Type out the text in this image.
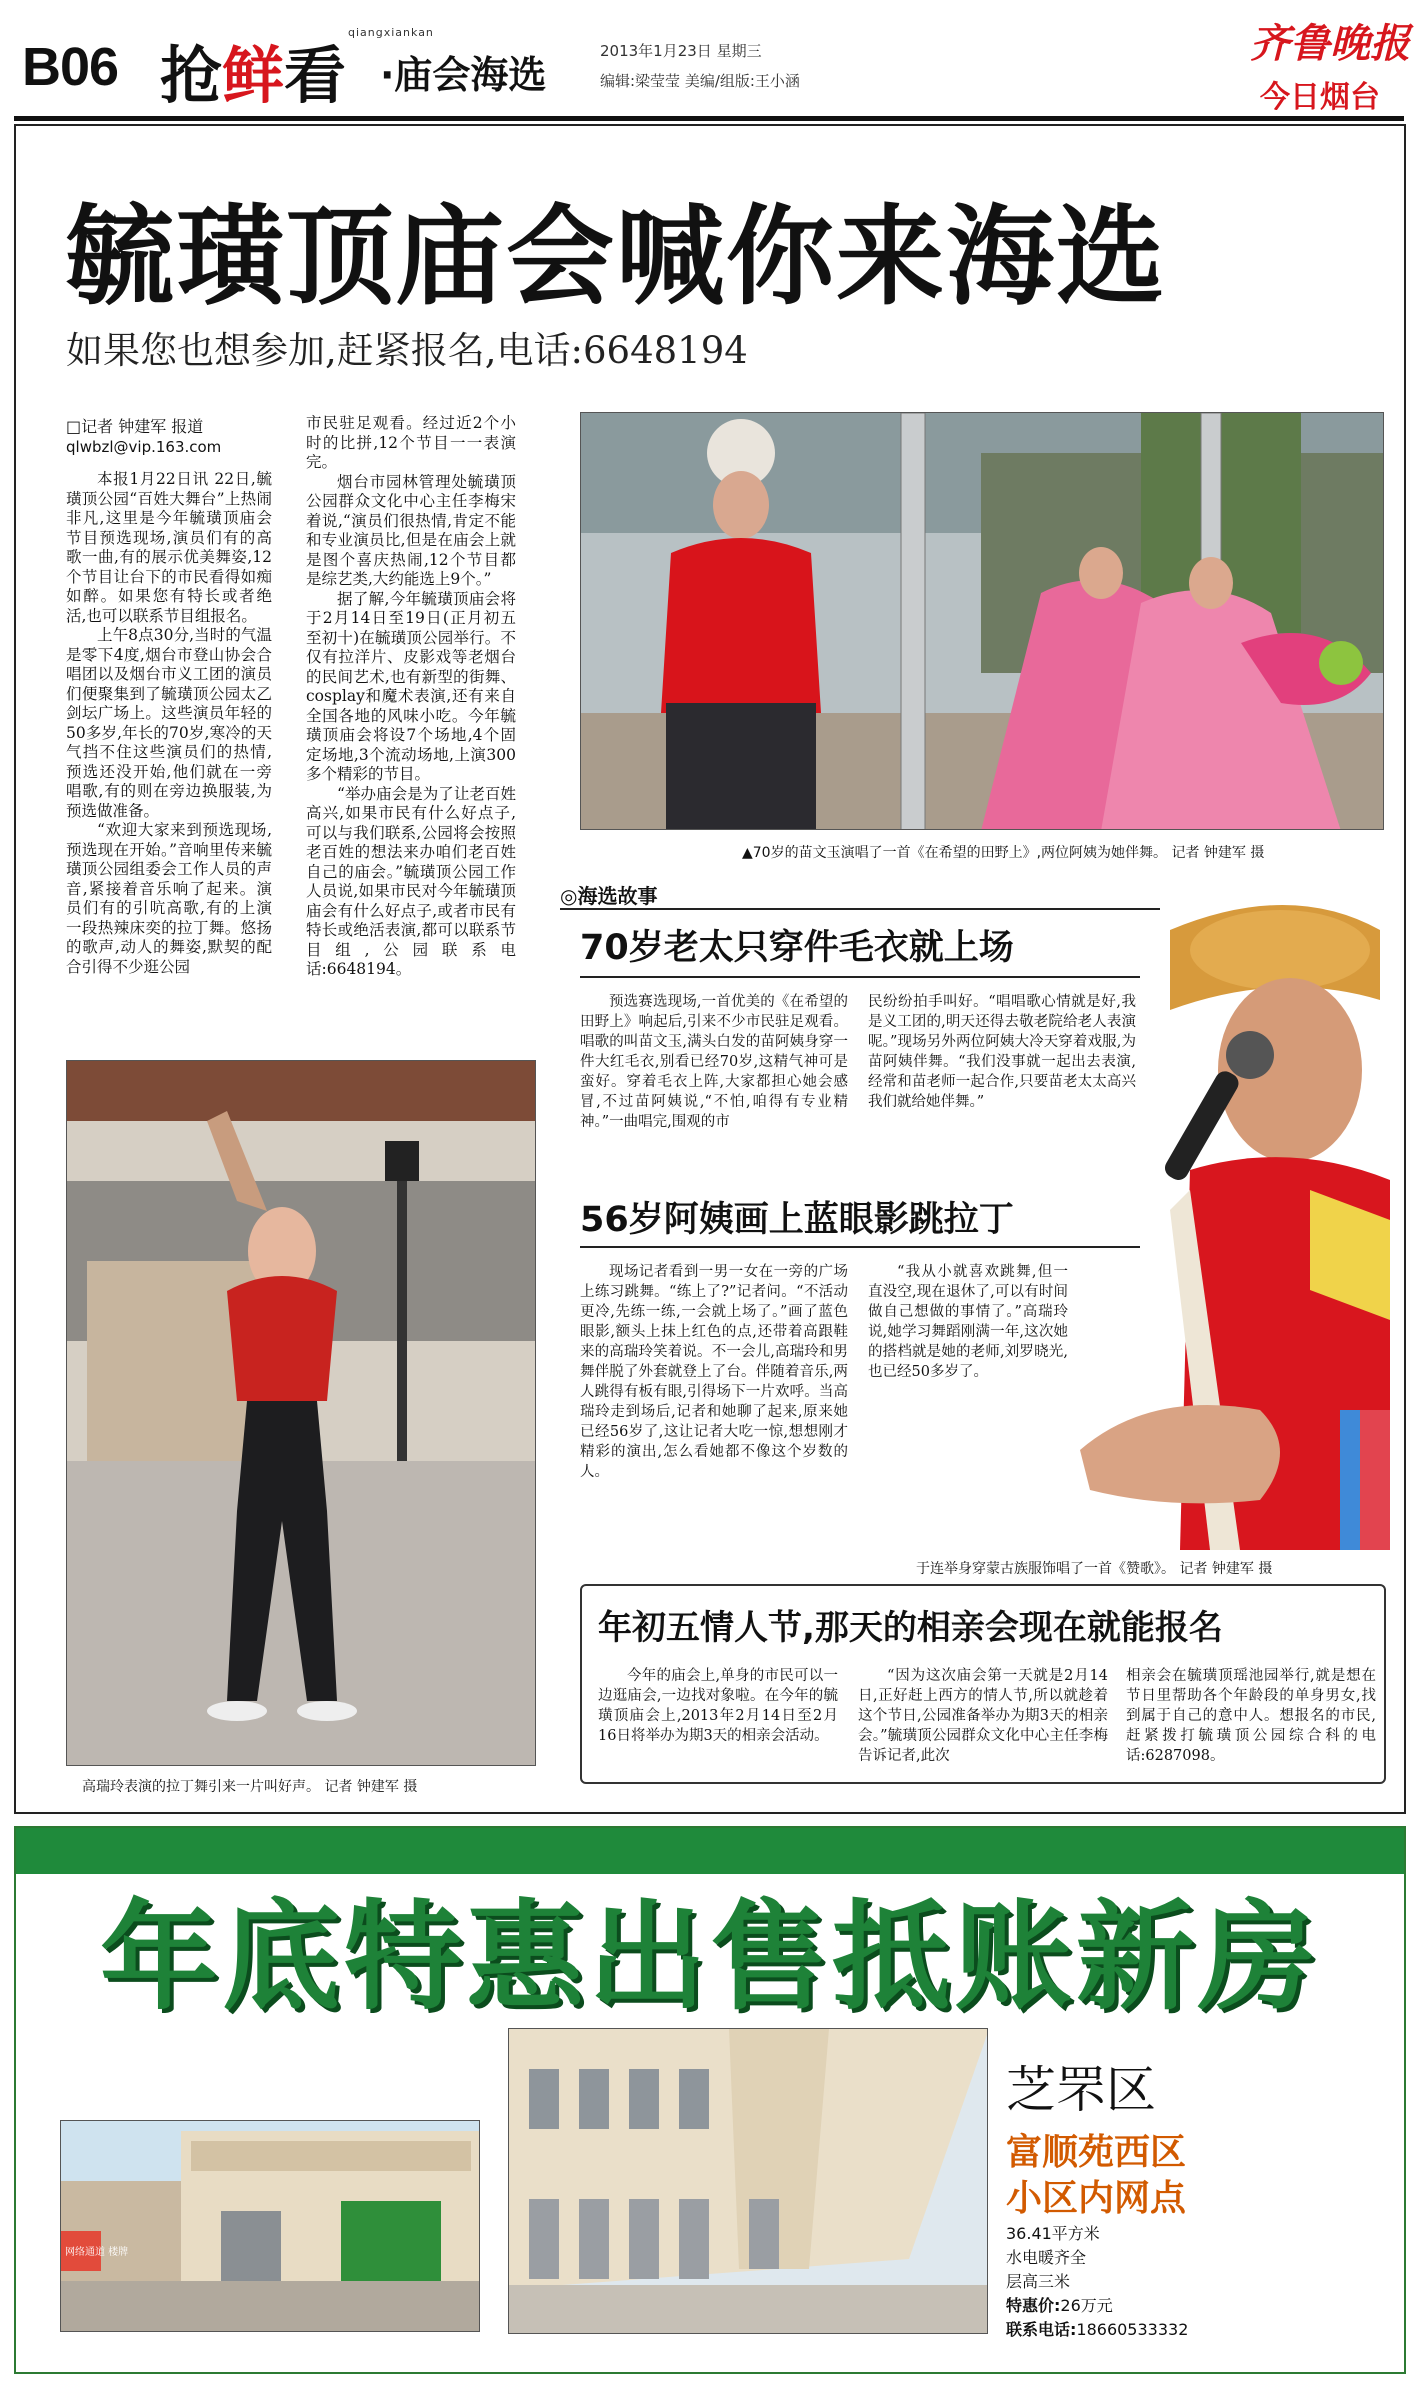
B06 抢鲜看
qiangxiankan
·庙会海选
2013年1月23日 星期三
编辑:梁莹莹 美编/组版:王小涵
齐鲁晚报
今日烟台
毓璜顶庙会喊你来海选
如果您也想参加,赶紧报名,电话:6648194
□记者 钟建军 报道
qlwbzl@vip.163.com

本报1月22日讯 22日,毓璜顶公园“百姓大舞台”上热闹非凡,这里是今年毓璜顶庙会节目预选现场,演员们有的高歌一曲,有的展示优美舞姿,12个节目让台下的市民看得如痴如醉。如果您有特长或者绝活,也可以联系节目组报名。

上午8点30分,当时的气温是零下4度,烟台市登山协会合唱团以及烟台市义工团的演员们便聚集到了毓璜顶公园太乙剑坛广场上。这些演员年轻的50多岁,年长的70岁,寒冷的天气挡不住这些演员们的热情,预选还没开始,他们就在一旁唱歌,有的则在旁边换服装,为预选做准备。

“欢迎大家来到预选现场,预选现在开始。”音响里传来毓璜顶公园组委会工作人员的声音,紧接着音乐响了起来。演员们有的引吭高歌,有的上演一段热辣床奕的拉丁舞。悠扬的歌声,动人的舞姿,默契的配合引得不少逛公园

市民驻足观看。经过近2个小时的比拼,12个节目一一表演完。

烟台市园林管理处毓璜顶公园群众文化中心主任李梅宋着说,“演员们很热情,肯定不能和专业演员比,但是在庙会上就是图个喜庆热闹,12个节目都是综艺类,大约能选上9个。”

据了解,今年毓璜顶庙会将于2月14日至19日(正月初五至初十)在毓璜顶公园举行。不仅有拉洋片、皮影戏等老烟台的民间艺术,也有新型的街舞、cosplay和魔术表演,还有来自全国各地的风味小吃。今年毓璜顶庙会将设7个场地,4个固定场地,3个流动场地,上演300多个精彩的节目。

“举办庙会是为了让老百姓高兴,如果市民有什么好点子,可以与我们联系,公园将会按照老百姓的想法来办咱们老百姓自己的庙会。”毓璜顶公园工作人员说,如果市民对今年毓璜顶庙会有什么好点子,或者市民有特长或绝活表演,都可以联系节目组,公园联系电话:6648194。

▲70岁的苗文玉演唱了一首《在希望的田野上》,两位阿姨为她伴舞。 记者 钟建军 摄
高瑞玲表演的拉丁舞引来一片叫好声。 记者 钟建军 摄
◎海选故事
70岁老太只穿件毛衣就上场

预选赛选现场,一首优美的《在希望的田野上》响起后,引来不少市民驻足观看。唱歌的叫苗文玉,满头白发的苗阿姨身穿一件大红毛衣,别看已经70岁,这精气神可是蛮好。穿着毛衣上阵,大家都担心她会感冒,不过苗阿姨说,“不怕,咱得有专业精神。”一曲唱完,围观的市

民纷纷拍手叫好。“唱唱歌心情就是好,我是义工团的,明天还得去敬老院给老人表演呢。”现场另外两位阿姨大冷天穿着戏服,为苗阿姨伴舞。“我们没事就一起出去表演,经常和苗老师一起合作,只要苗老太太高兴我们就给她伴舞。”

56岁阿姨画上蓝眼影跳拉丁

现场记者看到一男一女在一旁的广场上练习跳舞。“练上了?”记者问。“不活动更冷,先练一练,一会就上场了。”画了蓝色眼影,额头上抹上红色的点,还带着高跟鞋来的高瑞玲笑着说。不一会儿,高瑞玲和男舞伴脱了外套就登上了台。伴随着音乐,两人跳得有板有眼,引得场下一片欢呼。当高瑞玲走到场后,记者和她聊了起来,原来她已经56岁了,这让记者大吃一惊,想想刚才精彩的演出,怎么看她都不像这个岁数的人。

“我从小就喜欢跳舞,但一直没空,现在退休了,可以有时间做自己想做的事情了。”高瑞玲说,她学习舞蹈刚满一年,这次她的搭档就是她的老师,刘罗晓光,也已经50多岁了。

于连举身穿蒙古族服饰唱了一首《赞歌》。 记者 钟建军 摄
年初五情人节,那天的相亲会现在就能报名

今年的庙会上,单身的市民可以一边逛庙会,一边找对象啦。在今年的毓璜顶庙会上,2013年2月14日至2月16日将举办为期3天的相亲会活动。

“因为这次庙会第一天就是2月14日,正好赶上西方的情人节,所以就趁着这个节日,公园准备举办为期3天的相亲会。”毓璜顶公园群众文化中心主任李梅告诉记者,此次

相亲会在毓璜顶瑶池园举行,就是想在节日里帮助各个年龄段的单身男女,找到属于自己的意中人。想报名的市民,赶紧拨打毓璜顶公园综合科的电话:6287098。

年底特惠出售抵账新房
网络通道 楼牌
芝罘区
富顺苑西区
小区内网点
36.41平方米
水电暖齐全
层高三米
特惠价:26万元
联系电话:18660533332
